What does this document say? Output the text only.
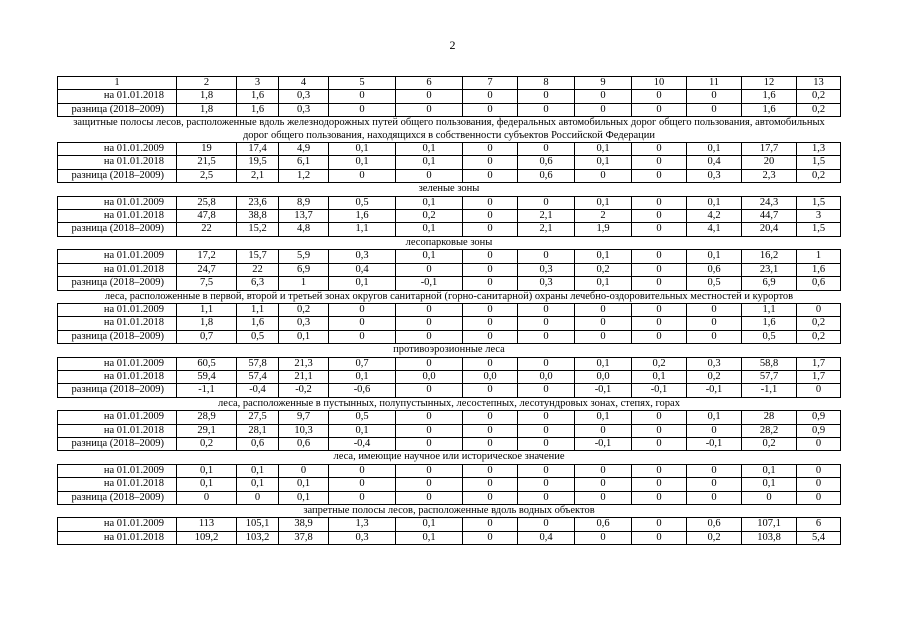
2
1	2	3	4	5	6	7	8	9	10	11	12	13
на 01.01.2018	1,8	1,6	0,3	0	0	0	0	0	0	0	1,6	0,2
разница (2018–2009)	1,8	1,6	0,3	0	0	0	0	0	0	0	1,6	0,2
защитные полосы лесов, расположенные вдоль железнодорожных путей общего пользования, федеральных автомобильных дорог общего пользования, автомобильных дорог общего пользования, находящихся в собственности субъектов Российской Федерации												
на 01.01.2009	19	17,4	4,9	0,1	0,1	0	0	0,1	0	0,1	17,7	1,3
на 01.01.2018	21,5	19,5	6,1	0,1	0,1	0	0,6	0,1	0	0,4	20	1,5
разница (2018–2009)	2,5	2,1	1,2	0	0	0	0,6	0	0	0,3	2,3	0,2
зеленые зоны												
на 01.01.2009	25,8	23,6	8,9	0,5	0,1	0	0	0,1	0	0,1	24,3	1,5
на 01.01.2018	47,8	38,8	13,7	1,6	0,2	0	2,1	2	0	4,2	44,7	3
разница (2018–2009)	22	15,2	4,8	1,1	0,1	0	2,1	1,9	0	4,1	20,4	1,5
лесопарковые зоны												
на 01.01.2009	17,2	15,7	5,9	0,3	0,1	0	0	0,1	0	0,1	16,2	1
на 01.01.2018	24,7	22	6,9	0,4	0	0	0,3	0,2	0	0,6	23,1	1,6
разница (2018–2009)	7,5	6,3	1	0,1	-0,1	0	0,3	0,1	0	0,5	6,9	0,6
леса, расположенные в первой, второй и третьей зонах округов санитарной (горно-санитарной) охраны лечебно-оздоровительных местностей и курортов												
на 01.01.2009	1,1	1,1	0,2	0	0	0	0	0	0	0	1,1	0
на 01.01.2018	1,8	1,6	0,3	0	0	0	0	0	0	0	1,6	0,2
разница (2018–2009)	0,7	0,5	0,1	0	0	0	0	0	0	0	0,5	0,2
противоэрозионные леса												
на 01.01.2009	60,5	57,8	21,3	0,7	0	0	0	0,1	0,2	0,3	58,8	1,7
на 01.01.2018	59,4	57,4	21,1	0,1	0,0	0,0	0,0	0,0	0,1	0,2	57,7	1,7
разница (2018–2009)	-1,1	-0,4	-0,2	-0,6	0	0	0	-0,1	-0,1	-0,1	-1,1	0
леса, расположенные в пустынных, полупустынных, лесостепных, лесотундровых зонах, степях, горах												
на 01.01.2009	28,9	27,5	9,7	0,5	0	0	0	0,1	0	0,1	28	0,9
на 01.01.2018	29,1	28,1	10,3	0,1	0	0	0	0	0	0	28,2	0,9
разница (2018–2009)	0,2	0,6	0,6	-0,4	0	0	0	-0,1	0	-0,1	0,2	0
леса, имеющие научное или историческое значение												
на 01.01.2009	0,1	0,1	0	0	0	0	0	0	0	0	0,1	0
на 01.01.2018	0,1	0,1	0,1	0	0	0	0	0	0	0	0,1	0
разница (2018–2009)	0	0	0,1	0	0	0	0	0	0	0	0	0
запретные полосы лесов, расположенные вдоль водных объектов												
на 01.01.2009	113	105,1	38,9	1,3	0,1	0	0	0,6	0	0,6	107,1	6
на 01.01.2018	109,2	103,2	37,8	0,3	0,1	0	0,4	0	0	0,2	103,8	5,4
